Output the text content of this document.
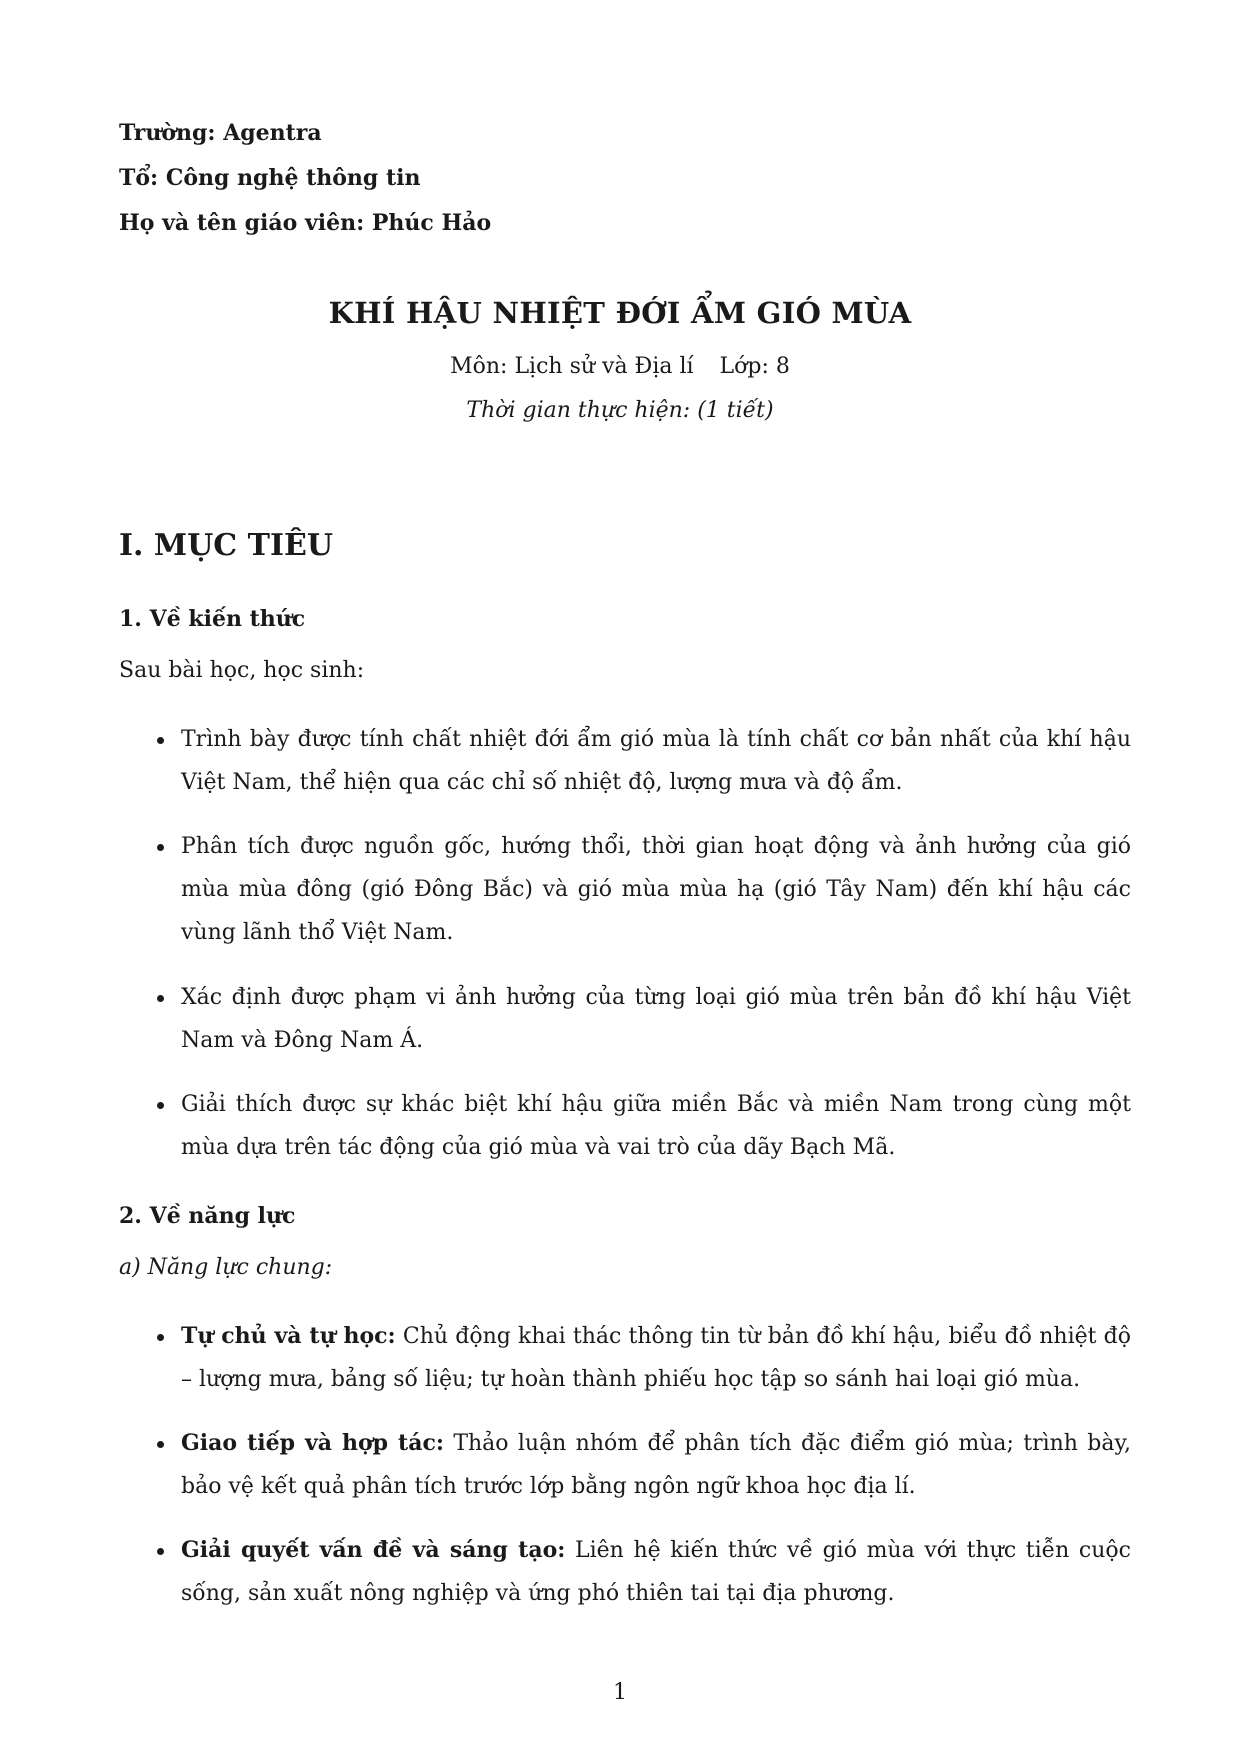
Trường: Agentra
Tổ: Công nghệ thông tin
Họ và tên giáo viên: Phúc Hảo
KHÍ HẬU NHIỆT ĐỚI ẨM GIÓ MÙA
Môn: Lịch sử và Địa lí Lớp: 8
Thời gian thực hiện: (1 tiết)
I. MỤC TIÊU
1. Về kiến thức
Sau bài học, học sinh:
Trình bày được tính chất nhiệt đới ẩm gió mùa là tính chất cơ bản nhất của khí hậu Việt Nam, thể hiện qua các chỉ số nhiệt độ, lượng mưa và độ ẩm.
Phân tích được nguồn gốc, hướng thổi, thời gian hoạt động và ảnh hưởng của gió mùa mùa đông (gió Đông Bắc) và gió mùa mùa hạ (gió Tây Nam) đến khí hậu các vùng lãnh thổ Việt Nam.
Xác định được phạm vi ảnh hưởng của từng loại gió mùa trên bản đồ khí hậu Việt Nam và Đông Nam Á.
Giải thích được sự khác biệt khí hậu giữa miền Bắc và miền Nam trong cùng một mùa dựa trên tác động của gió mùa và vai trò của dãy Bạch Mã.
2. Về năng lực
a) Năng lực chung:
Tự chủ và tự học: Chủ động khai thác thông tin từ bản đồ khí hậu, biểu đồ nhiệt độ – lượng mưa, bảng số liệu; tự hoàn thành phiếu học tập so sánh hai loại gió mùa.
Giao tiếp và hợp tác: Thảo luận nhóm để phân tích đặc điểm gió mùa; trình bày, bảo vệ kết quả phân tích trước lớp bằng ngôn ngữ khoa học địa lí.
Giải quyết vấn đề và sáng tạo: Liên hệ kiến thức về gió mùa với thực tiễn cuộc sống, sản xuất nông nghiệp và ứng phó thiên tai tại địa phương.
1
